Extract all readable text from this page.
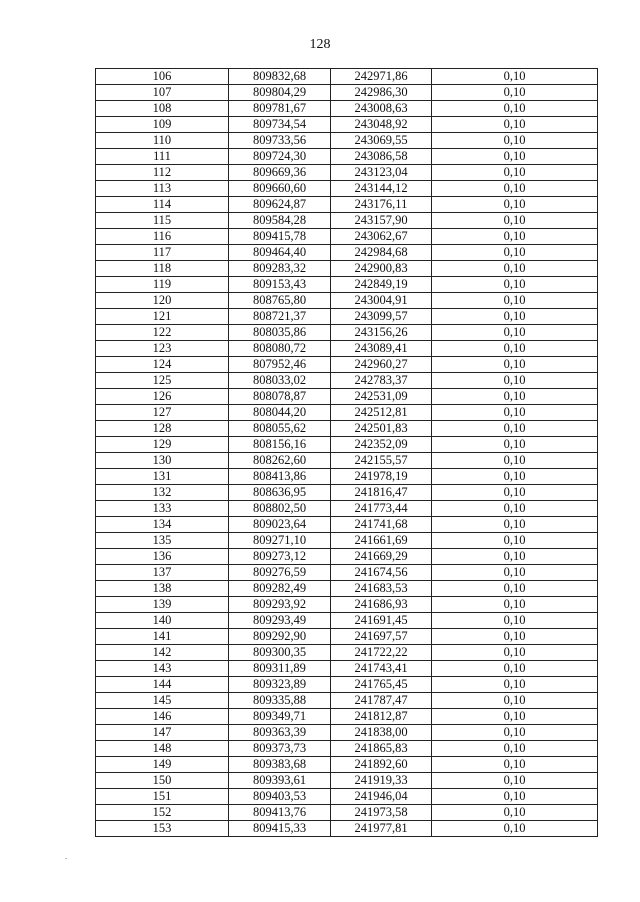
128
106	809832,68	242971,86	0,10
107	809804,29	242986,30	0,10
108	809781,67	243008,63	0,10
109	809734,54	243048,92	0,10
110	809733,56	243069,55	0,10
111	809724,30	243086,58	0,10
112	809669,36	243123,04	0,10
113	809660,60	243144,12	0,10
114	809624,87	243176,11	0,10
115	809584,28	243157,90	0,10
116	809415,78	243062,67	0,10
117	809464,40	242984,68	0,10
118	809283,32	242900,83	0,10
119	809153,43	242849,19	0,10
120	808765,80	243004,91	0,10
121	808721,37	243099,57	0,10
122	808035,86	243156,26	0,10
123	808080,72	243089,41	0,10
124	807952,46	242960,27	0,10
125	808033,02	242783,37	0,10
126	808078,87	242531,09	0,10
127	808044,20	242512,81	0,10
128	808055,62	242501,83	0,10
129	808156,16	242352,09	0,10
130	808262,60	242155,57	0,10
131	808413,86	241978,19	0,10
132	808636,95	241816,47	0,10
133	808802,50	241773,44	0,10
134	809023,64	241741,68	0,10
135	809271,10	241661,69	0,10
136	809273,12	241669,29	0,10
137	809276,59	241674,56	0,10
138	809282,49	241683,53	0,10
139	809293,92	241686,93	0,10
140	809293,49	241691,45	0,10
141	809292,90	241697,57	0,10
142	809300,35	241722,22	0,10
143	809311,89	241743,41	0,10
144	809323,89	241765,45	0,10
145	809335,88	241787,47	0,10
146	809349,71	241812,87	0,10
147	809363,39	241838,00	0,10
148	809373,73	241865,83	0,10
149	809383,68	241892,60	0,10
150	809393,61	241919,33	0,10
151	809403,53	241946,04	0,10
152	809413,76	241973,58	0,10
153	809415,33	241977,81	0,10
